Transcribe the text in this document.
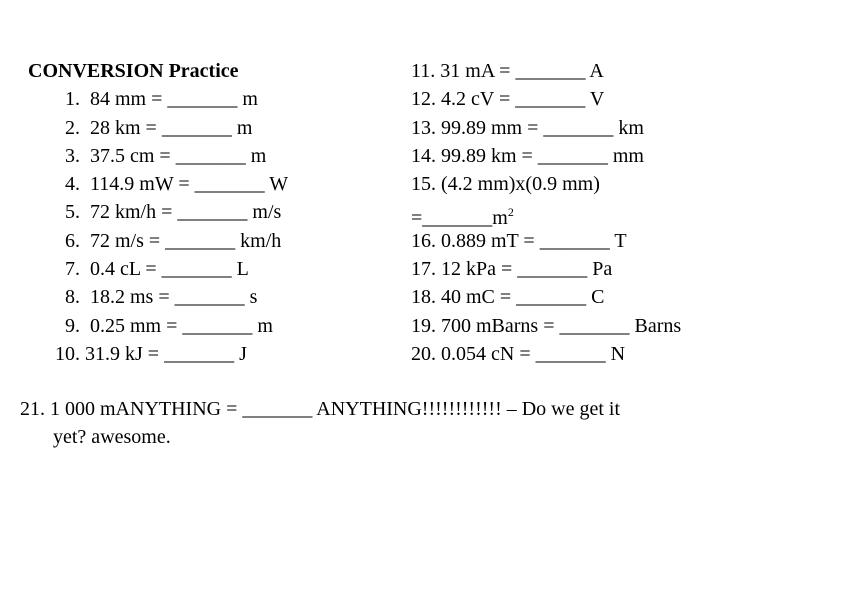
CONVERSION Practice
1. 84 mm = _______ m
2. 28 km = _______ m
3. 37.5 cm = _______ m
4. 114.9 mW = _______ W
5. 72 km/h = _______ m/s
6. 72 m/s = _______ km/h
7. 0.4 cL = _______ L
8. 18.2 ms = _______ s
9. 0.25 mm = _______ m
10. 31.9 kJ = _______ J
11. 31 mA = _______ A
12. 4.2 cV = _______ V
13. 99.89 mm = _______ km
14. 99.89 km = _______ mm
15. (4.2 mm)x(0.9 mm)
$=\_\_\_\_\_\_\_m^2$
16. 0.889 mT = _______ T
17. 12 kPa = _______ Pa
18. 40 mC = _______ C
19. 700 mBarns = _______ Barns
20. 0.054 cN = _______ N
21. 1 000 mANYTHING = _______ ANYTHING!!!!!!!!!!!! – Do we get it
yet? awesome.
